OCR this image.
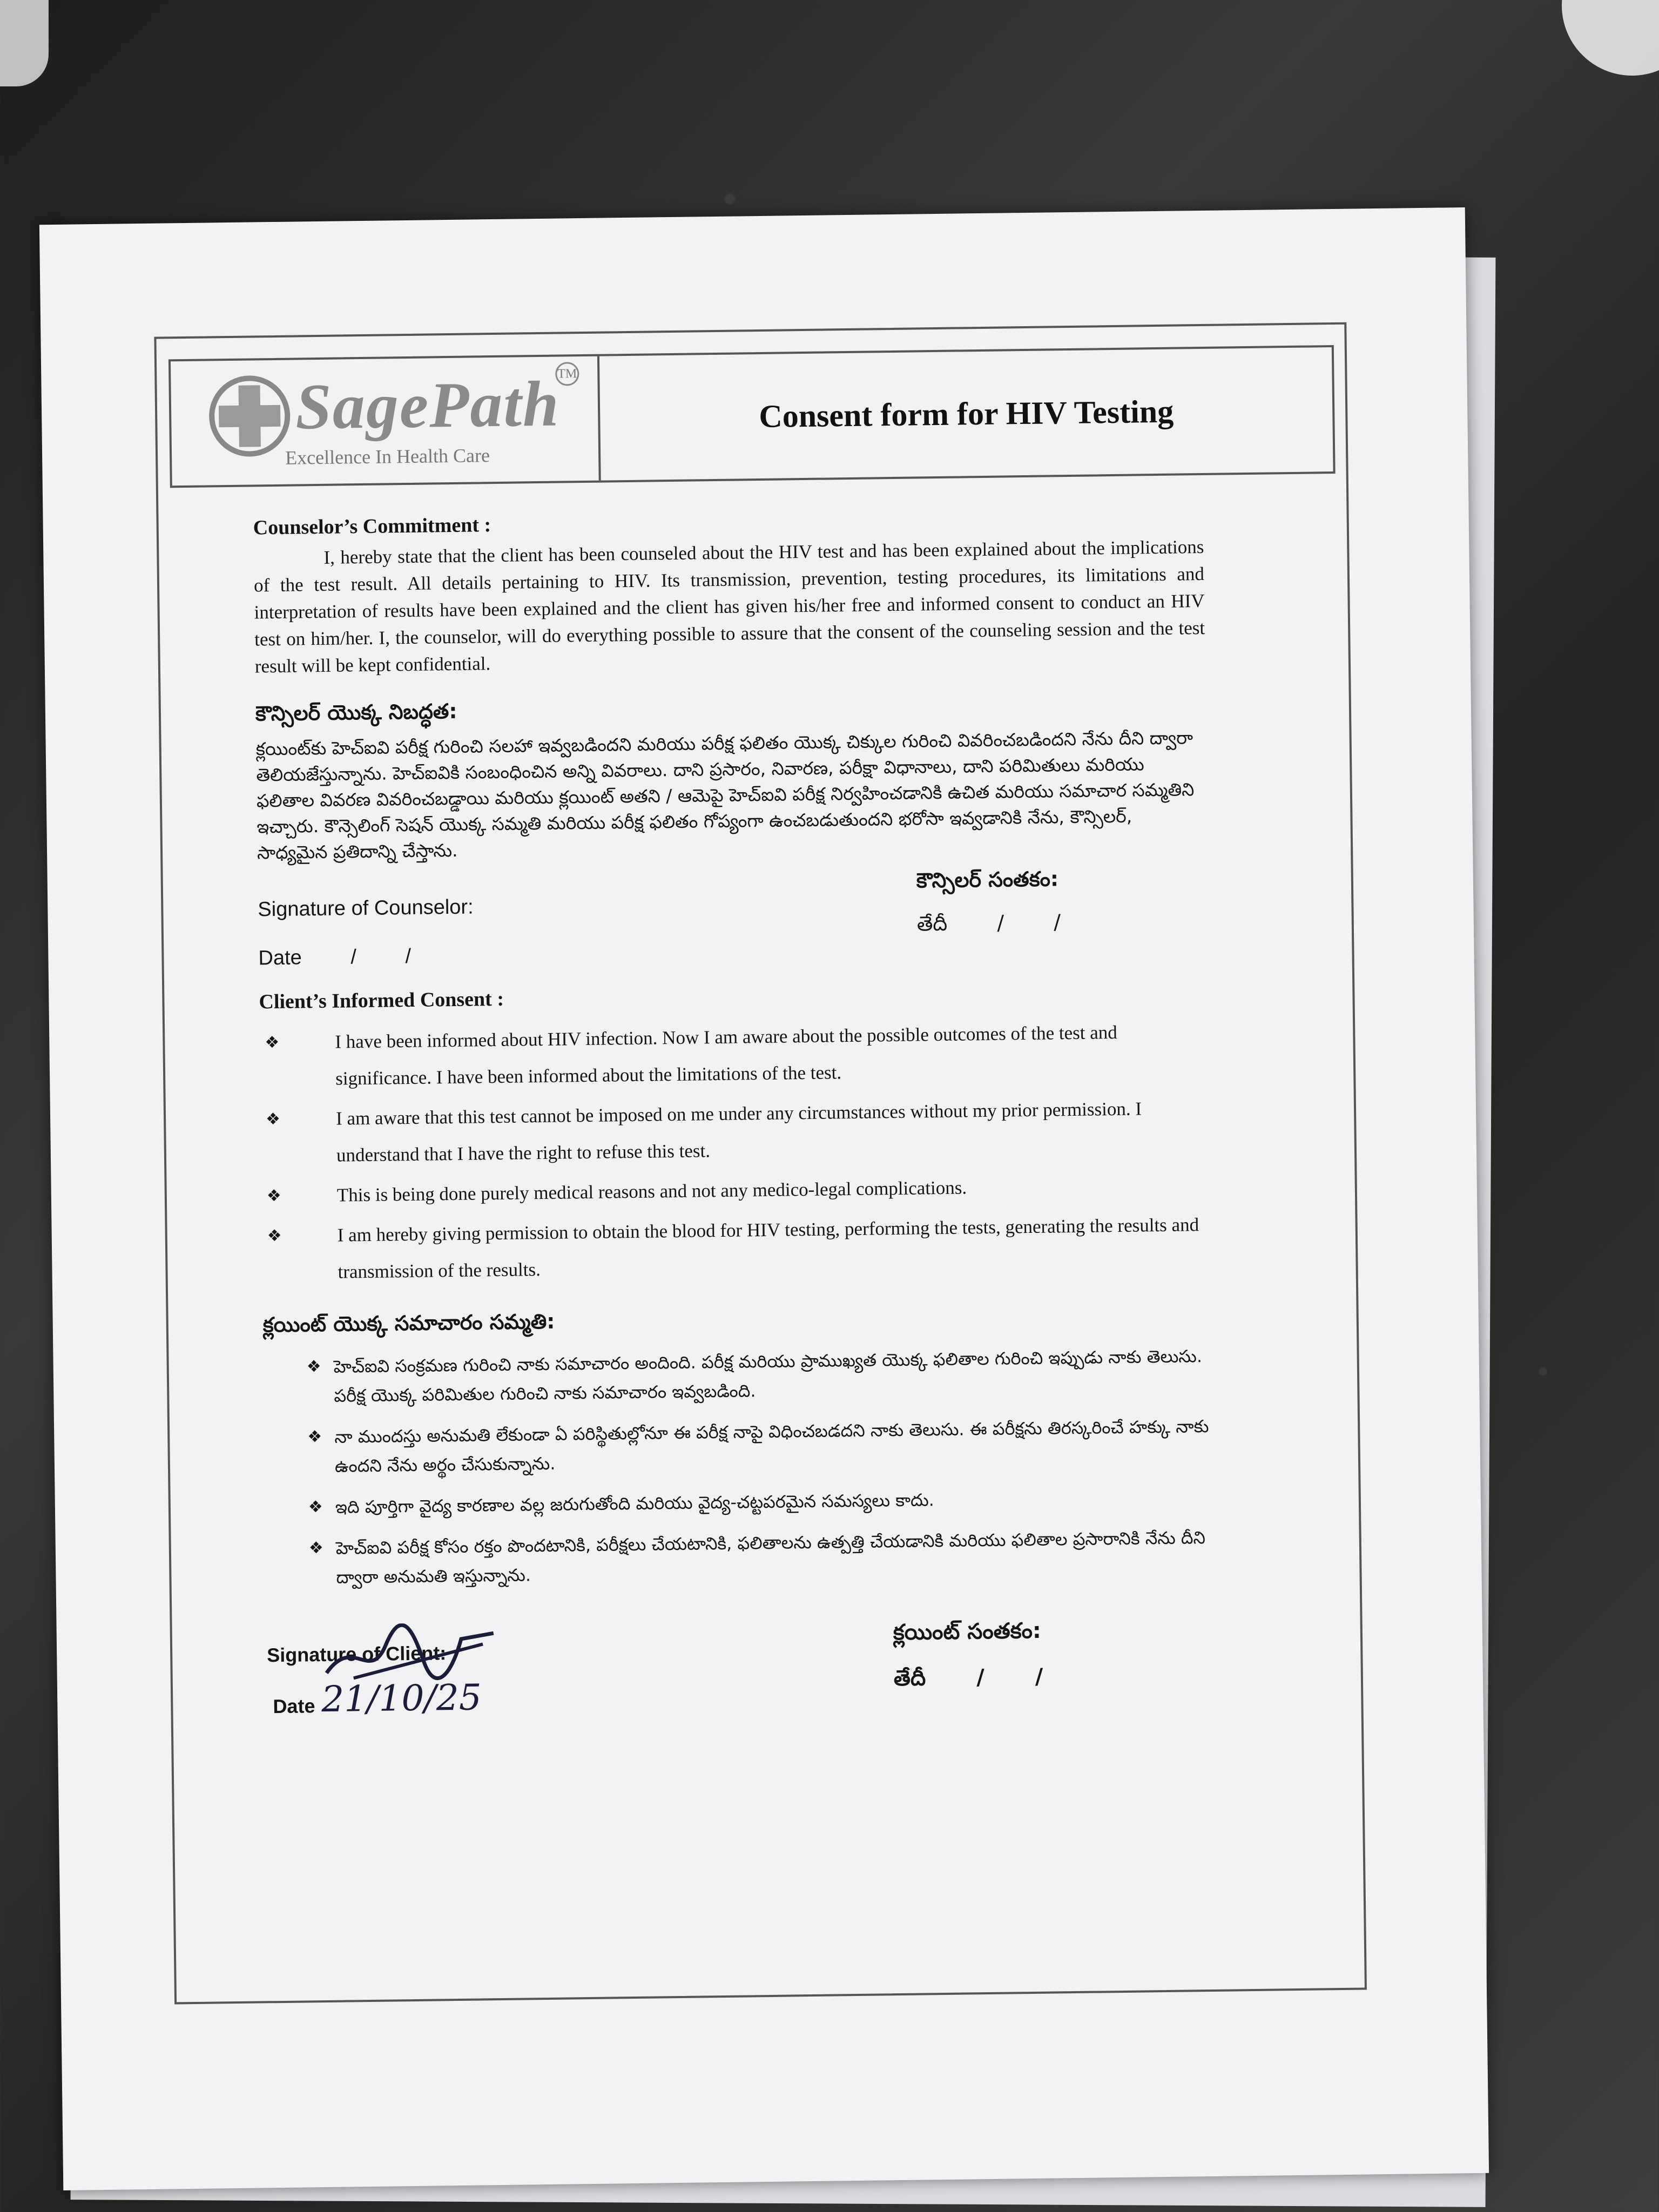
SagePath
TM
Excellence In Health Care
Consent form for HIV Testing
Counselor’s Commitment :

I, hereby state that the client has been counseled about the HIV test and has been explained about the implications of the test result. All details pertaining to HIV. Its transmission, prevention, testing procedures, its limitations and interpretation of results have been explained and the client has given his/her free and informed consent to conduct an HIV test on him/her. I, the counselor, will do everything possible to assure that the consent of the counseling session and the test result will be kept confidential.

కౌన్సిలర్ యొక్క నిబద్ధత:
క్లయింట్‌కు హెచ్ఐవి పరీక్ష గురించి సలహా ఇవ్వబడిందని మరియు పరీక్ష ఫలితం యొక్క చిక్కుల గురించి వివరించబడిందని నేను దీని ద్వారా తెలియజేస్తున్నాను. హెచ్ఐవికి సంబంధించిన అన్ని వివరాలు. దాని ప్రసారం, నివారణ, పరీక్షా విధానాలు, దాని పరిమితులు మరియు ఫలితాల వివరణ వివరించబడ్డాయి మరియు క్లయింట్ అతని / ఆమెపై హెచ్ఐవి పరీక్ష నిర్వహించడానికి ఉచిత మరియు సమాచార సమ్మతిని ఇచ్చారు. కౌన్సెలింగ్ సెషన్ యొక్క సమ్మతి మరియు పరీక్ష ఫలితం గోప్యంగా ఉంచబడుతుందని భరోసా ఇవ్వడానికి నేను, కౌన్సిలర్, సాధ్యమైన ప్రతిదాన్ని చేస్తాను.
Signature of Counselor:
Date / /
కౌన్సిలర్ సంతకం:
తేదీ / /
Client’s Informed Consent :
❖	I have been informed about HIV infection. Now I am aware about the possible outcomes of the test and significance. I have been informed about the limitations of the test.
❖	I am aware that this test cannot be imposed on me under any circumstances without my prior permission. I understand that I have the right to refuse this test.
❖	This is being done purely medical reasons and not any medico-legal complications.
❖	I am hereby giving permission to obtain the blood for HIV testing, performing the tests, generating the results and transmission of the results.
క్లయింట్ యొక్క సమాచారం సమ్మతి:
❖ హెచ్ఐవి సంక్రమణ గురించి నాకు సమాచారం అందింది. పరీక్ష మరియు ప్రాముఖ్యత యొక్క ఫలితాల గురించి ఇప్పుడు నాకు తెలుసు. పరీక్ష యొక్క పరిమితుల గురించి నాకు సమాచారం ఇవ్వబడింది.
❖ నా ముందస్తు అనుమతి లేకుండా ఏ పరిస్థితుల్లోనూ ఈ పరీక్ష నాపై విధించబడదని నాకు తెలుసు. ఈ పరీక్షను తిరస్కరించే హక్కు నాకు ఉందని నేను అర్థం చేసుకున్నాను.
❖ ఇది పూర్తిగా వైద్య కారణాల వల్ల జరుగుతోంది మరియు వైద్య-చట్టపరమైన సమస్యలు కాదు.
❖ హెచ్ఐవి పరీక్ష కోసం రక్తం పొందటానికి, పరీక్షలు చేయటానికి, ఫలితాలను ఉత్పత్తి చేయడానికి మరియు ఫలితాల ప్రసారానికి నేను దీని ద్వారా అనుమతి ఇస్తున్నాను.
Signature of Client:
Date 21/10/25
క్లయింట్ సంతకం:
తేదీ / /
